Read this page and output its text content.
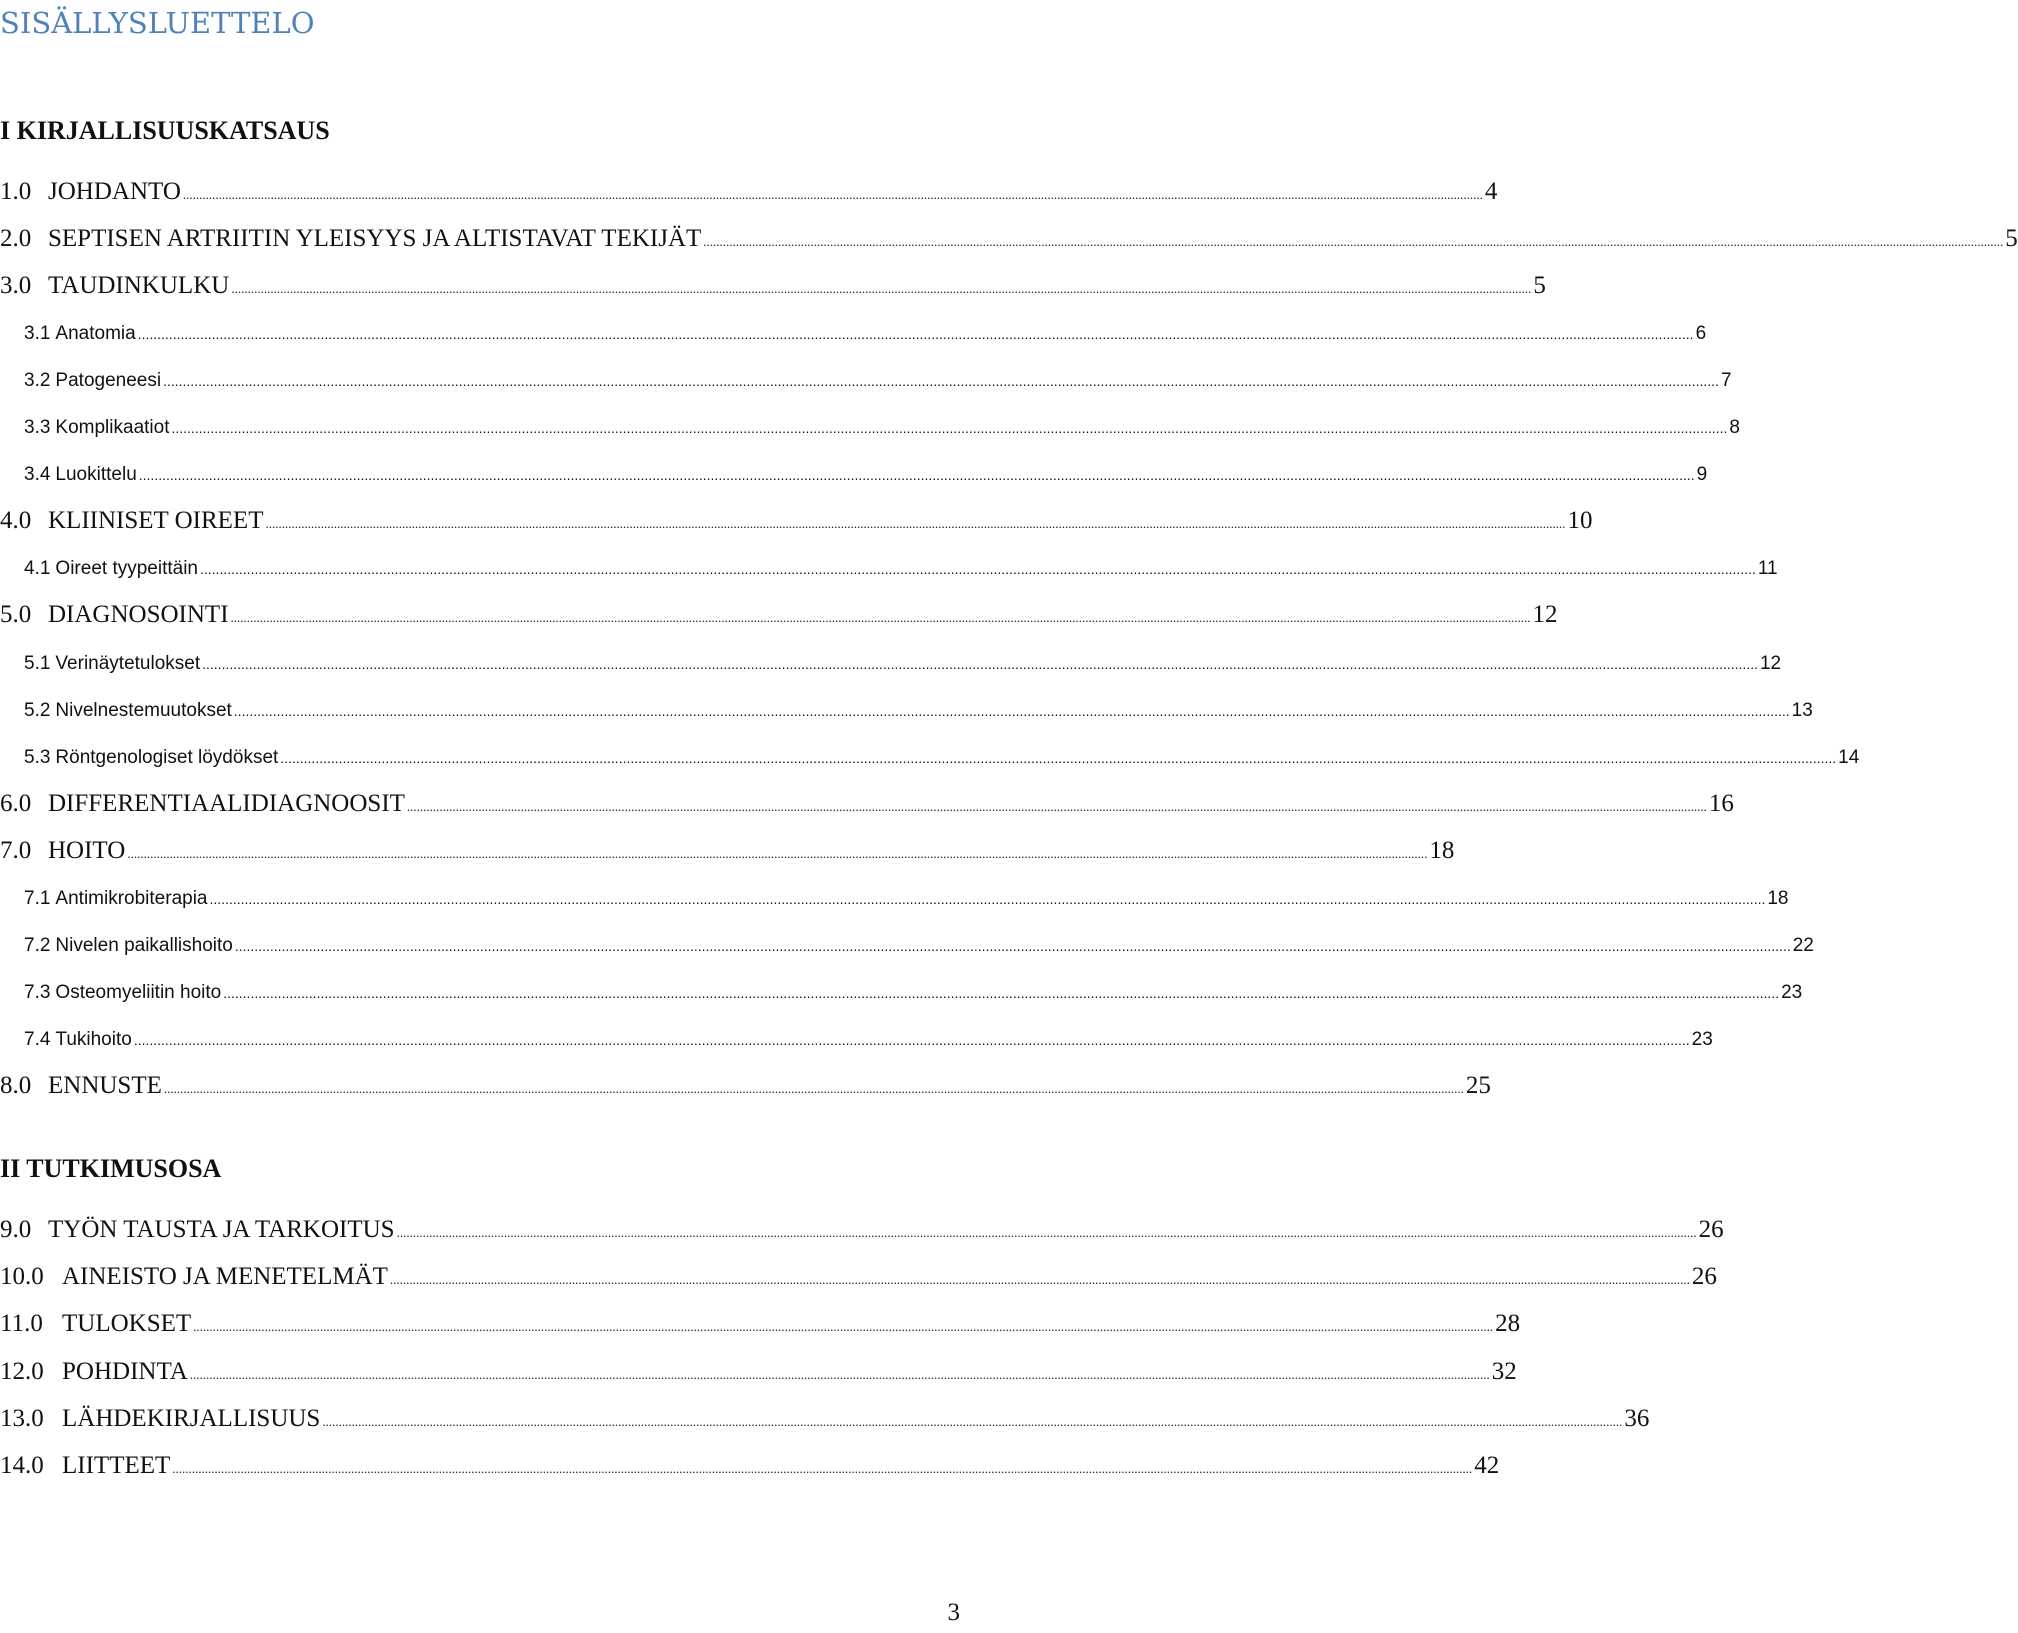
SISÄLLYSLUETTELO
I KIRJALLISUUSKATSAUS
1.0 JOHDANTO ................................................................................................................................................................................................................................................................................................................................................................................................................ 4
2.0 SEPTISEN ARTRIITIN YLEISYYS JA ALTISTAVAT TEKIJÄT ................................................................................................................................................................................................................................................................................................................................................................................................................ 5
3.0 TAUDINKULKU ................................................................................................................................................................................................................................................................................................................................................................................................................ 5
3.1 Anatomia ................................................................................................................................................................................................................................................................................................................................................................................................................ 6
3.2 Patogeneesi ................................................................................................................................................................................................................................................................................................................................................................................................................ 7
3.3 Komplikaatiot ................................................................................................................................................................................................................................................................................................................................................................................................................ 8
3.4 Luokittelu ................................................................................................................................................................................................................................................................................................................................................................................................................ 9
4.0 KLIINISET OIREET ................................................................................................................................................................................................................................................................................................................................................................................................................ 10
4.1 Oireet tyypeittäin ................................................................................................................................................................................................................................................................................................................................................................................................................ 11
5.0 DIAGNOSOINTI ................................................................................................................................................................................................................................................................................................................................................................................................................ 12
5.1 Verinäytetulokset ................................................................................................................................................................................................................................................................................................................................................................................................................ 12
5.2 Nivelnestemuutokset ................................................................................................................................................................................................................................................................................................................................................................................................................ 13
5.3 Röntgenologiset löydökset ................................................................................................................................................................................................................................................................................................................................................................................................................ 14
6.0 DIFFERENTIAALIDIAGNOOSIT ................................................................................................................................................................................................................................................................................................................................................................................................................ 16
7.0 HOITO ................................................................................................................................................................................................................................................................................................................................................................................................................ 18
7.1 Antimikrobiterapia ................................................................................................................................................................................................................................................................................................................................................................................................................ 18
7.2 Nivelen paikallishoito ................................................................................................................................................................................................................................................................................................................................................................................................................ 22
7.3 Osteomyeliitin hoito ................................................................................................................................................................................................................................................................................................................................................................................................................ 23
7.4 Tukihoito ................................................................................................................................................................................................................................................................................................................................................................................................................ 23
8.0 ENNUSTE ................................................................................................................................................................................................................................................................................................................................................................................................................ 25
II TUTKIMUSOSA
9.0 TYÖN TAUSTA JA TARKOITUS ................................................................................................................................................................................................................................................................................................................................................................................................................ 26
10.0 AINEISTO JA MENETELMÄT ................................................................................................................................................................................................................................................................................................................................................................................................................ 26
11.0 TULOKSET ................................................................................................................................................................................................................................................................................................................................................................................................................ 28
12.0 POHDINTA ................................................................................................................................................................................................................................................................................................................................................................................................................ 32
13.0 LÄHDEKIRJALLISUUS ................................................................................................................................................................................................................................................................................................................................................................................................................ 36
14.0 LIITTEET ................................................................................................................................................................................................................................................................................................................................................................................................................ 42
3
